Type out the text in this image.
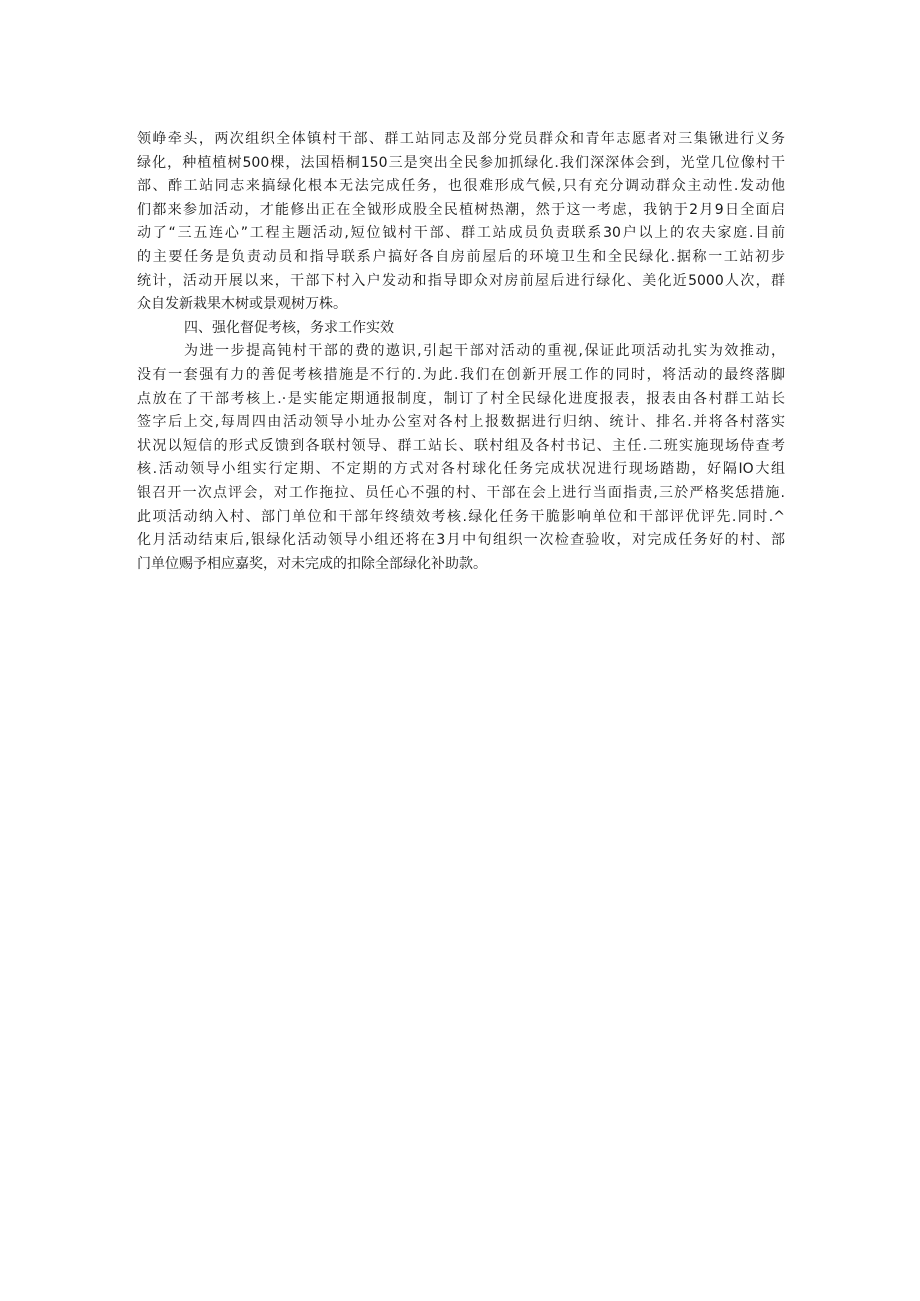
领峥牵头，两次组织全体镇村干部、群工站同志及部分党员群众和青年志愿者对三集锹进行义务
绿化，种植植树500棵，法国梧桐150三是突出全民参加抓绿化.我们深深体会到，光堂几位像村干
部、酢工站同志来搞绿化根本无法完成任务，也很难形成气候,只有充分调动群众主动性.发动他
们都来参加活动，才能修出正在全钺形成股全民植树热潮，然于这一考虑，我钠于2月9日全面启
动了“三五连心”工程主题活动,短位钺村干部、群工站成员负责联系30户以上的农夫家庭.目前
的主要任务是负责动员和指导联系户搞好各自房前屋后的环境卫生和全民绿化.据称一工站初步
统计，活动开展以来，干部下村入户发动和指导即众对房前屋后进行绿化、美化近5000人次，群
众自发新栽果木树或景观树万株。
四、强化督促考核，务求工作实效
为进一步提高钝村干部的费的遨识,引起干部对活动的重视,保证此项活动扎实为效推动，
没有一套强有力的善促考核措施是不行的.为此.我们在创新开展工作的同时，将活动的最终落脚
点放在了干部考核上.·是实能定期通报制度，制订了村全民绿化进度报表，报表由各村群工站长
签字后上交,每周四由活动领导小址办公室对各村上报数据进行归纳、统计、排名.并将各村落实
状况以短信的形式反馈到各联村领导、群工站长、联村组及各村书记、主任.二班实施现场侍查考
核.活动领导小组实行定期、不定期的方式对各村球化任务完成状况进行现场踏勘，好隔IO大组
银召开一次点评会，对工作拖拉、员任心不强的村、干部在会上进行当面指责,三於严格奖恁措施.
此项活动纳入村、部门单位和干部年终绩效考核.绿化任务干脆影响单位和干部评优评先.同时.^
化月活动结束后,银绿化活动领导小组还将在3月中旬组织一次检查验收，对完成任务好的村、部
门单位赐予相应嘉奖，对未完成的扣除全部绿化补助款。
